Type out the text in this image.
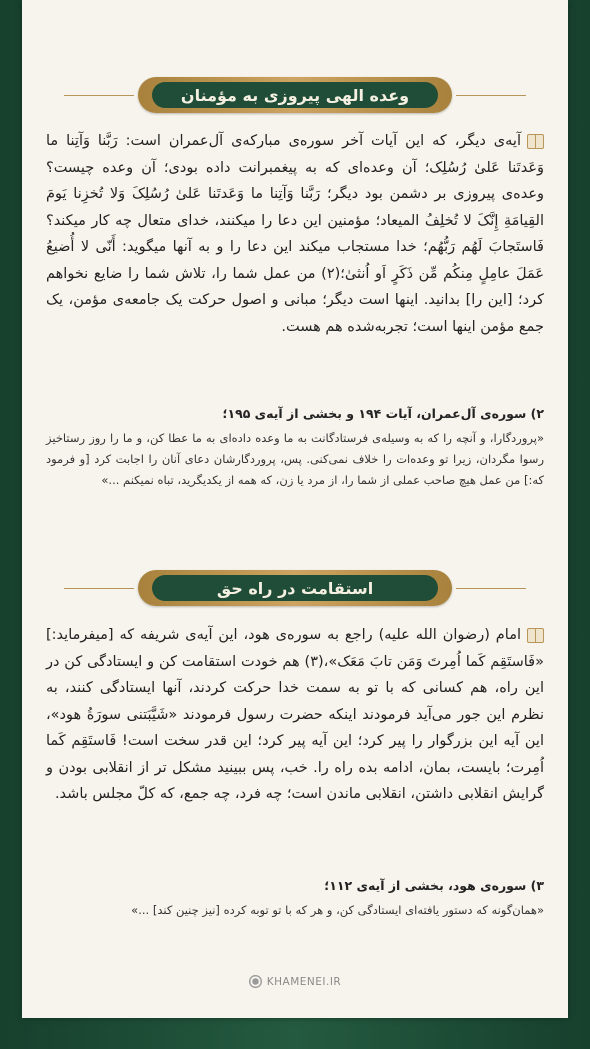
وعده الهی پیروزی به مؤمنان
آیه‌ی دیگر، که این آیات آخر سوره‌ی مبارکه‌ی آل‌عمران است: رَبَّنا وَآتِنا ما وَعَدتَنا عَلىٰ رُسُلِک؛ آن وعده‌ای که به پیغمبرانت داده بودی؛ آن وعده چیست؟ وعده‌ی پیروزی بر دشمن بود دیگر؛ رَبَّنا وَآتِنا ما وَعَدتَنا عَلىٰ رُسُلِکَ وَلا تُخزِنا یَومَ القِیامَةِ إِنَّکَ لا تُخلِفُ المیعاد؛ مؤمنین این دعا را میکنند، خدای متعال چه کار میکند؟ فَاستَجابَ لَهُم رَبُّهُم؛ خدا مستجاب میکند این دعا را و به آنها میگوید: أَنّی لا أُضیعُ عَمَلَ عامِلٍ مِنکُم مِّن ذَکَرٍ اَو اُنثیٰ؛(۲) من عمل شما را، تلاش شما را ضایع نخواهم کرد؛ [این را] بدانید. اینها است دیگر؛ مبانی و اصول حرکت یک جامعه‌ی مؤمن، یک جمع مؤمن اینها است؛ تجربه‌شده هم هست.
۲) سوره‌ی آل‌عمران، آیات ۱۹۴ و بخشی از آیه‌ی ۱۹۵؛
«پروردگارا، و آنچه را که به وسیله‌ی فرستادگانت به ما وعده داده‌ای به ما عطا کن، و ما را روز رستاخیز رسوا مگردان، زیرا تو وعده‌ات را خلاف نمی‌کنی. پس، پروردگارشان دعای آنان را اجابت کرد [و فرمود که:] من عمل هیچ صاحب عملی از شما را، از مرد یا زن، که همه از یکدیگرید، تباه نمیکنم ...»
استقامت در راه حق
امام (رضوان الله علیه) راجع به سوره‌ی هود، این آیه‌ی شریفه که [میفرماید:] «فَاستَقِم کَما اُمِرتَ وَمَن تابَ مَعَک»،(۳) هم خودت استقامت کن و ایستادگی کن در این راه، هم کسانی که با تو به سمت خدا حرکت کردند، آنها ایستادگی کنند، به نظرم این جور می‌آید فرمودند اینکه حضرت رسول فرمودند «شَیَّبَتنی سورَةُ هود»، این آیه این بزرگوار را پیر کرد؛ این آیه پیر کرد؛ این قدر سخت است! فَاستَقِم کَما اُمِرت؛ بایست، بمان، ادامه بده راه را. خب، پس ببینید مشکل تر از انقلابی بودن و گرایش انقلابی داشتن، انقلابی ماندن است؛ چه فرد، چه جمع، که کلّ مجلس باشد.
۳) سوره‌ی هود، بخشی از آیه‌ی ۱۱۲؛
«همان‌گونه که دستور یافته‌ای ایستادگی کن، و هر که با تو توبه کرده [نیز چنین کند] ...»
KHAMENEI.IR
